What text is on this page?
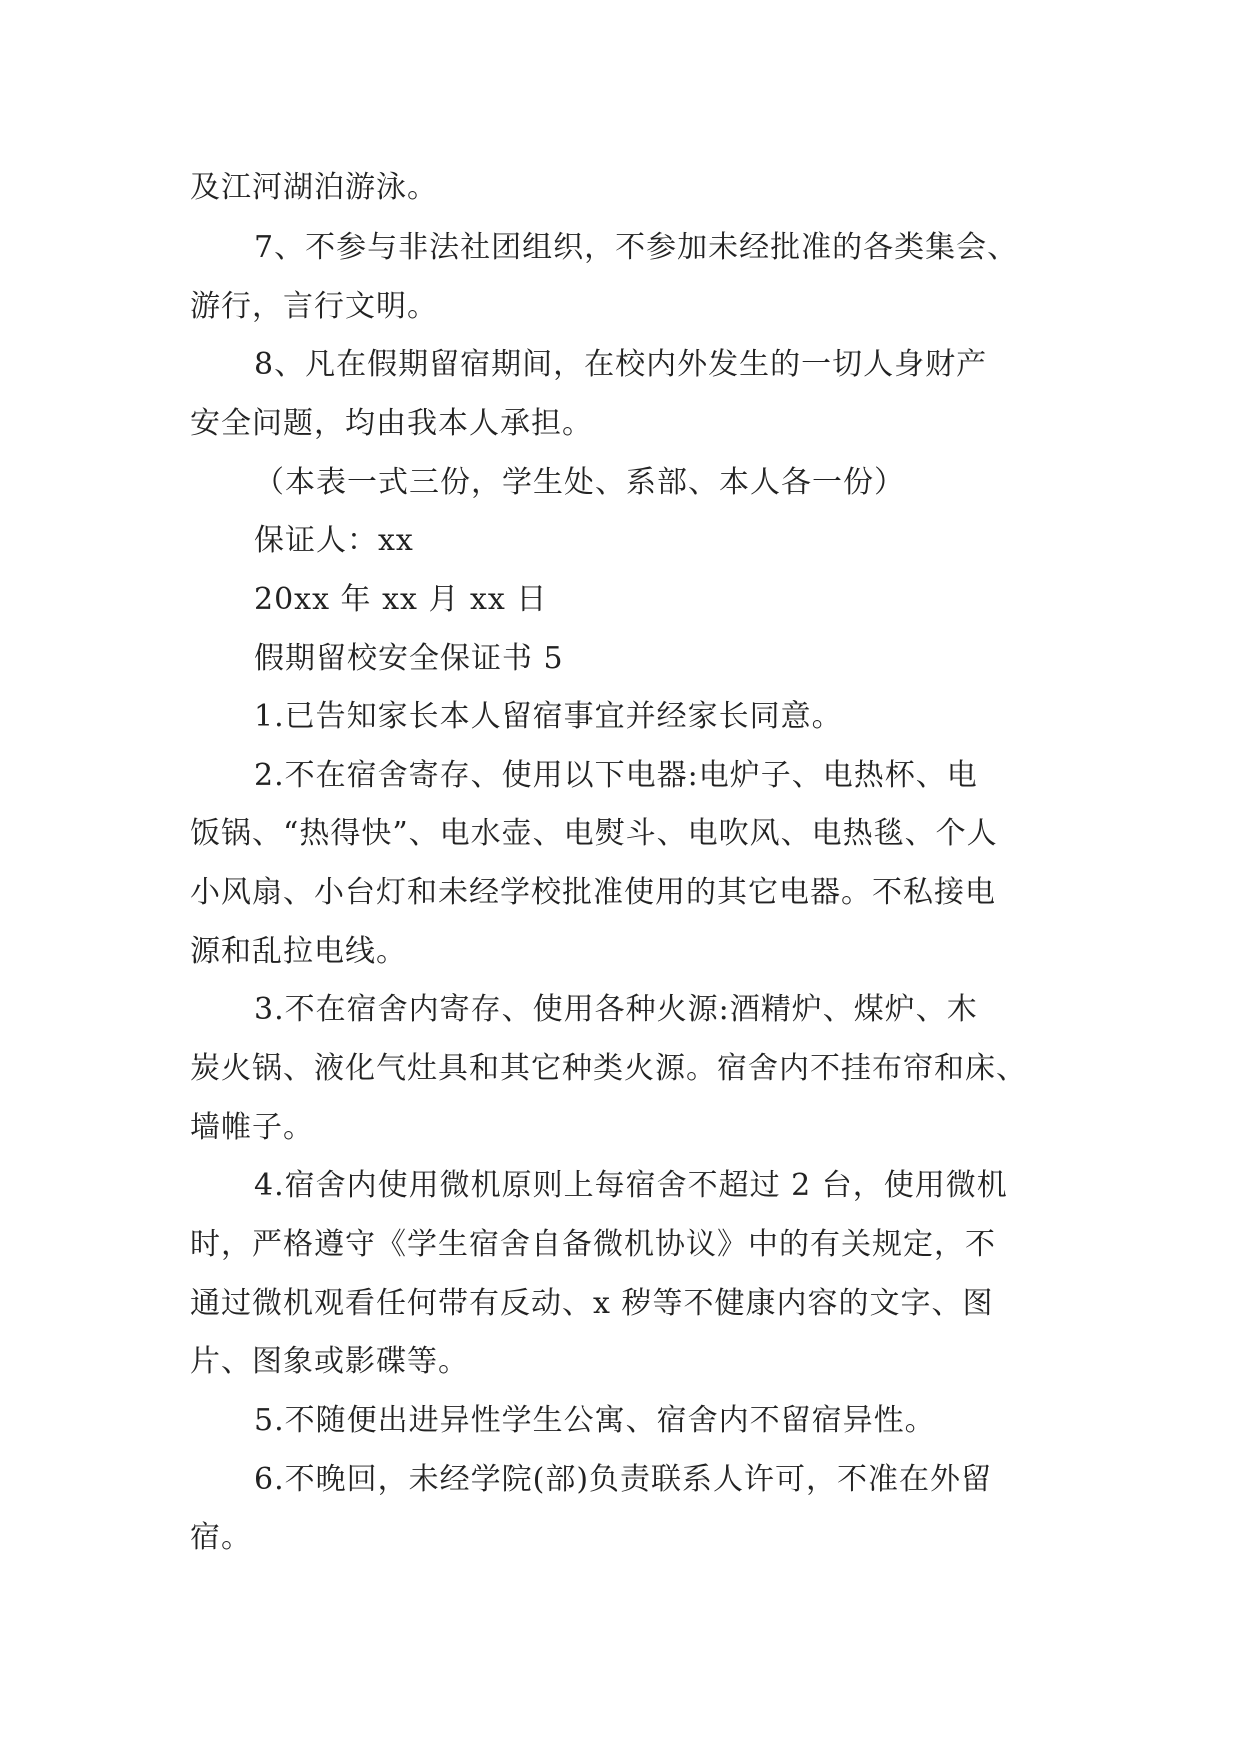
及江河湖泊游泳。
7、不参与非法社团组织，不参加未经批准的各类集会、
游行，言行文明。
8、凡在假期留宿期间，在校内外发生的一切人身财产
安全问题，均由我本人承担。
（本表一式三份，学生处、系部、本人各一份）
保证人：xx
20xx 年 xx 月 xx 日
假期留校安全保证书 5
1.已告知家长本人留宿事宜并经家长同意。
2.不在宿舍寄存、使用以下电器:电炉子、电热杯、电
饭锅、“热得快”、电水壶、电熨斗、电吹风、电热毯、个人
小风扇、小台灯和未经学校批准使用的其它电器。不私接电
源和乱拉电线。
3.不在宿舍内寄存、使用各种火源:酒精炉、煤炉、木
炭火锅、液化气灶具和其它种类火源。宿舍内不挂布帘和床、
墙帷子。
4.宿舍内使用微机原则上每宿舍不超过 2 台，使用微机
时，严格遵守《学生宿舍自备微机协议》中的有关规定，不
通过微机观看任何带有反动、x 秽等不健康内容的文字、图
片、图象或影碟等。
5.不随便出进异性学生公寓、宿舍内不留宿异性。
6.不晚回，未经学院(部)负责联系人许可，不准在外留
宿。
